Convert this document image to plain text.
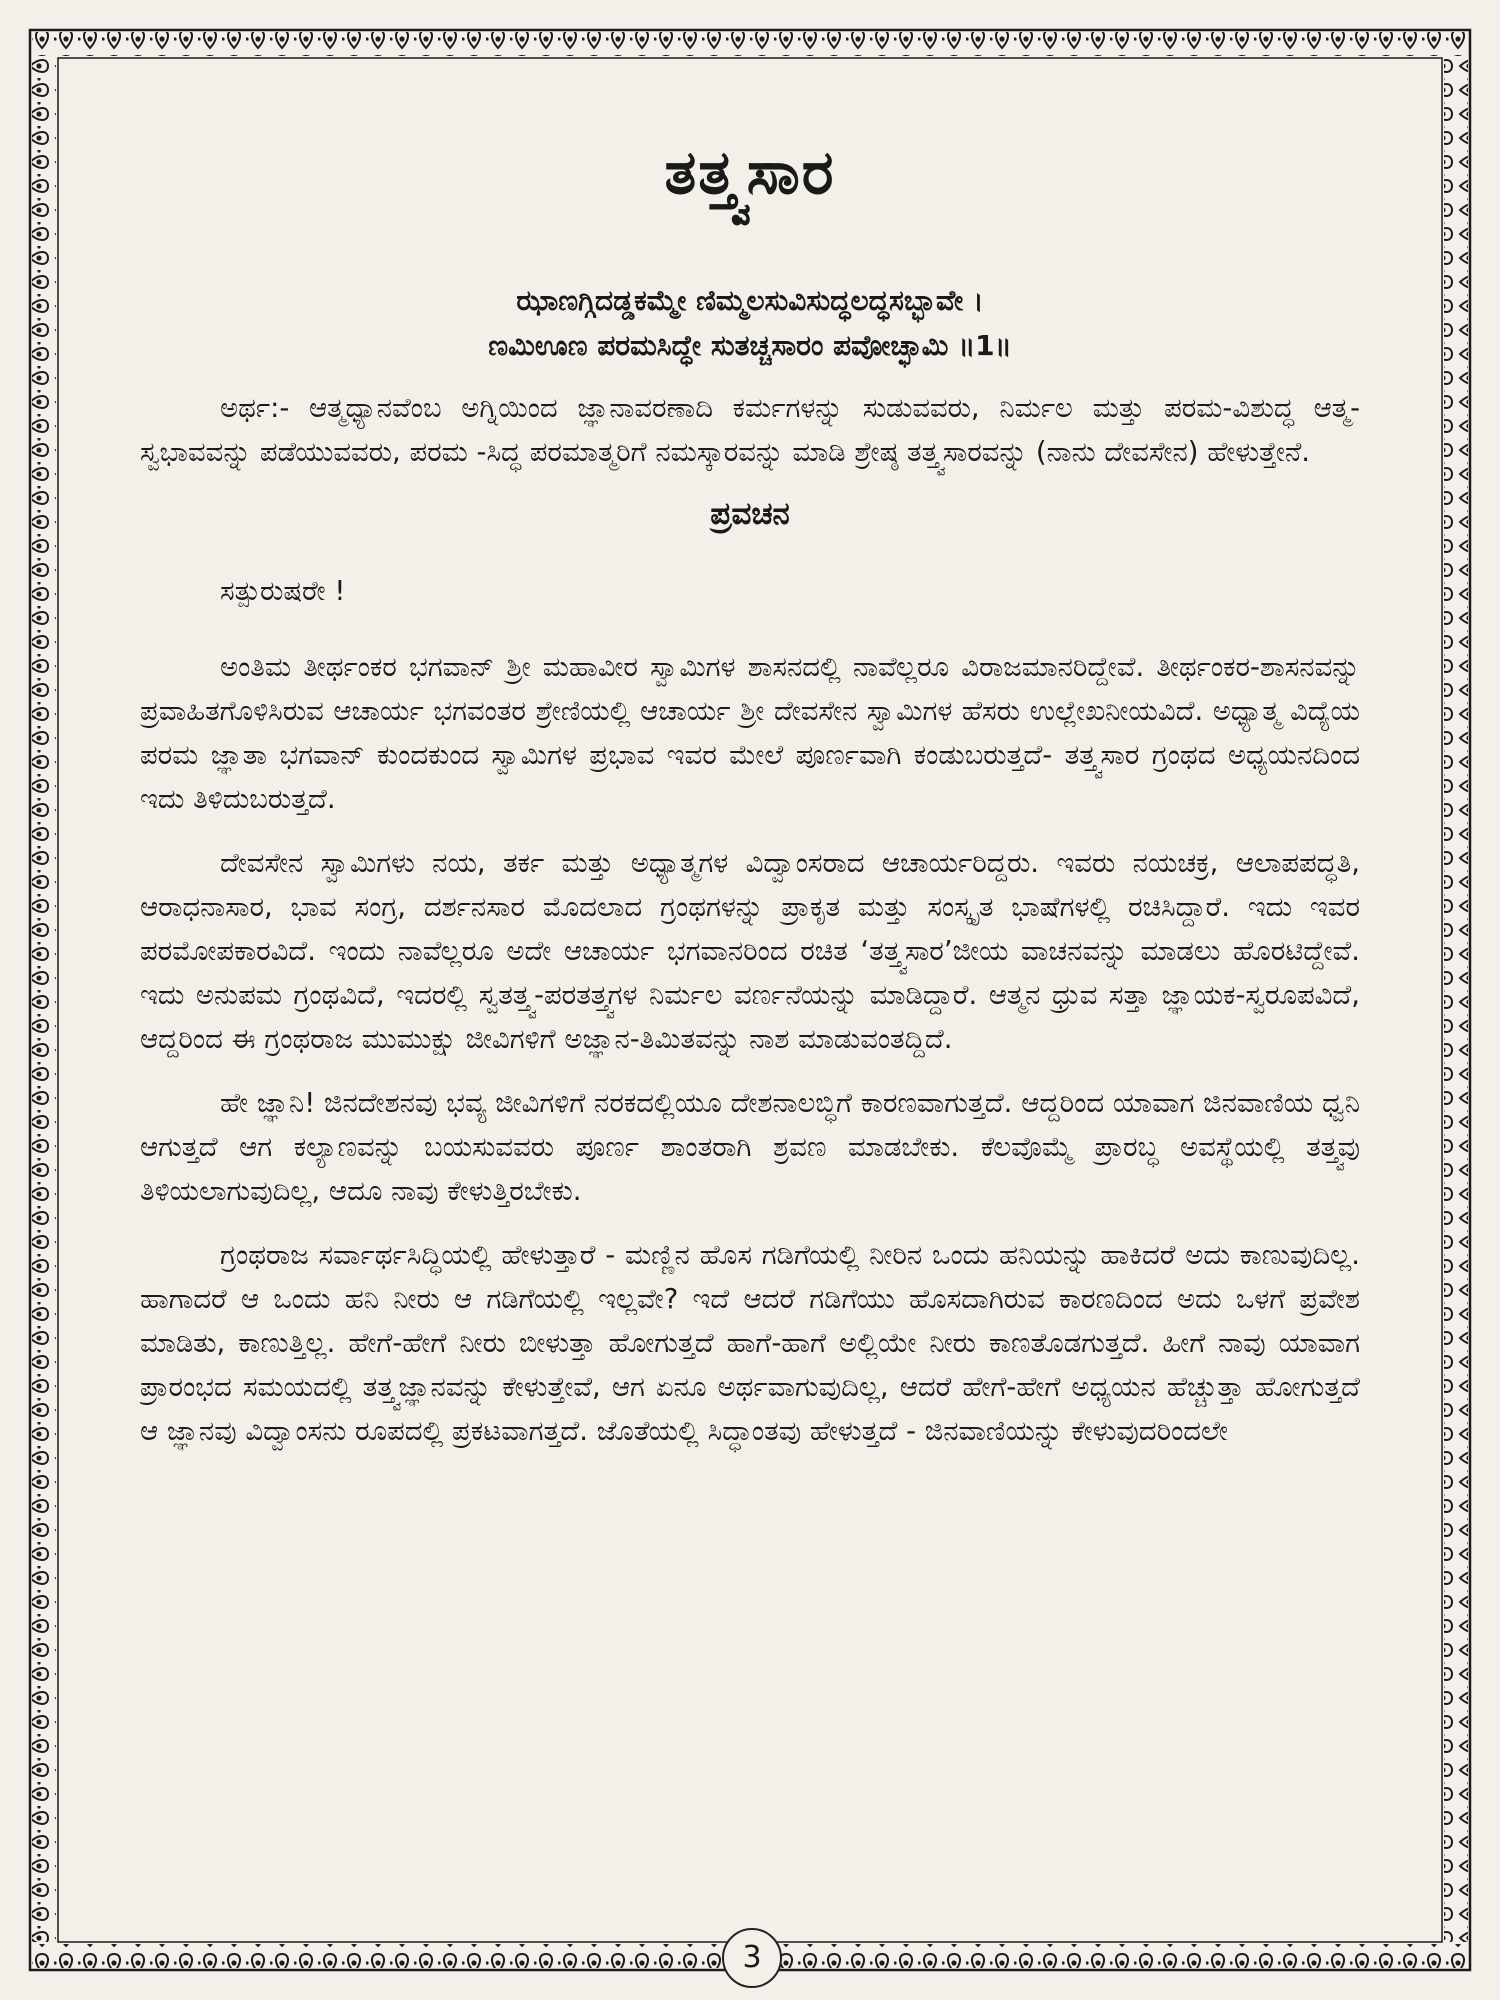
ತತ್ತ್ವಸಾರ
ಝಾಣಗ್ಗಿದಡ್ಡಕಮ್ಮೇ ಣಿಮ್ಮಲಸುವಿಸುದ್ಧಲದ್ಧಸಬ್ಭಾವೇ ।
ಣಮಿಊಣ ಪರಮಸಿದ್ಧೇ ಸುತಚ್ಚಸಾರಂ ಪವೋಚ್ಛಾಮಿ ॥1॥

ಅರ್ಥ:- ಆತ್ಮಧ್ಯಾನವೆಂಬ ಅಗ್ನಿಯಿಂದ ಜ್ಞಾನಾವರಣಾದಿ ಕರ್ಮಗಳನ್ನು ಸುಡುವವರು, ನಿರ್ಮಲ ಮತ್ತು ಪರಮ-ವಿಶುದ್ಧ ಆತ್ಮ-ಸ್ವಭಾವವನ್ನು ಪಡೆಯುವವರು, ಪರಮ -ಸಿದ್ಧ ಪರಮಾತ್ಮರಿಗೆ ನಮಸ್ಕಾರವನ್ನು ಮಾಡಿ ಶ್ರೇಷ್ಠ ತತ್ತ್ವಸಾರವನ್ನು (ನಾನು ದೇವಸೇನ) ಹೇಳುತ್ತೇನೆ.

ಪ್ರವಚನ

ಸತ್ಪುರುಷರೇ !

ಅಂತಿಮ ತೀರ್ಥಂಕರ ಭಗವಾನ್ ಶ್ರೀ ಮಹಾವೀರ ಸ್ವಾಮಿಗಳ ಶಾಸನದಲ್ಲಿ ನಾವೆಲ್ಲರೂ ವಿರಾಜಮಾನರಿದ್ದೇವೆ. ತೀರ್ಥಂಕರ-ಶಾಸನವನ್ನು ಪ್ರವಾಹಿತಗೊಳಿಸಿರುವ ಆಚಾರ್ಯ ಭಗವಂತರ ಶ್ರೇಣಿಯಲ್ಲಿ ಆಚಾರ್ಯ ಶ್ರೀ ದೇವಸೇನ ಸ್ವಾಮಿಗಳ ಹೆಸರು ಉಲ್ಲೇಖನೀಯವಿದೆ. ಅಧ್ಯಾತ್ಮ ವಿದ್ಯೆಯ ಪರಮ ಜ್ಞಾತಾ ಭಗವಾನ್ ಕುಂದಕುಂದ ಸ್ವಾಮಿಗಳ ಪ್ರಭಾವ ಇವರ ಮೇಲೆ ಪೂರ್ಣವಾಗಿ ಕಂಡುಬರುತ್ತದೆ- ತತ್ತ್ವಸಾರ ಗ್ರಂಥದ ಅಧ್ಯಯನದಿಂದ ಇದು ತಿಳಿದುಬರುತ್ತದೆ.

ದೇವಸೇನ ಸ್ವಾಮಿಗಳು ನಯ, ತರ್ಕ ಮತ್ತು ಅಧ್ಯಾತ್ಮಗಳ ವಿದ್ವಾಂಸರಾದ ಆಚಾರ್ಯರಿದ್ದರು. ಇವರು ನಯಚಕ್ರ, ಆಲಾಪಪದ್ಧತಿ, ಆರಾಧನಾಸಾರ, ಭಾವ ಸಂಗ್ರ, ದರ್ಶನಸಾರ ಮೊದಲಾದ ಗ್ರಂಥಗಳನ್ನು ಪ್ರಾಕೃತ ಮತ್ತು ಸಂಸ್ಕೃತ ಭಾಷೆಗಳಲ್ಲಿ ರಚಿಸಿದ್ದಾರೆ. ಇದು ಇವರ ಪರಮೋಪಕಾರವಿದೆ. ಇಂದು ನಾವೆಲ್ಲರೂ ಅದೇ ಆಚಾರ್ಯ ಭಗವಾನರಿಂದ ರಚಿತ ‘ತತ್ತ್ವಸಾರ’ಜೀಯ ವಾಚನವನ್ನು ಮಾಡಲು ಹೊರಟಿದ್ದೇವೆ. ಇದು ಅನುಪಮ ಗ್ರಂಥವಿದೆ, ಇದರಲ್ಲಿ ಸ್ವತತ್ತ್ವ-ಪರತತ್ತ್ವಗಳ ನಿರ್ಮಲ ವರ್ಣನೆಯನ್ನು ಮಾಡಿದ್ದಾರೆ. ಆತ್ಮನ ಧ್ರುವ ಸತ್ತಾ ಜ್ಞಾಯಕ-ಸ್ವರೂಪವಿದೆ, ಆದ್ದರಿಂದ ಈ ಗ್ರಂಥರಾಜ ಮುಮುಕ್ಷು ಜೀವಿಗಳಿಗೆ ಅಜ್ಞಾನ-ತಿಮಿತವನ್ನು ನಾಶ ಮಾಡುವಂತದ್ದಿದೆ.

ಹೇ ಜ್ಞಾನಿ! ಜಿನದೇಶನವು ಭವ್ಯ ಜೀವಿಗಳಿಗೆ ನರಕದಲ್ಲಿಯೂ ದೇಶನಾಲಬ್ಧಿಗೆ ಕಾರಣವಾಗುತ್ತದೆ. ಆದ್ದರಿಂದ ಯಾವಾಗ ಜಿನವಾಣಿಯ ಧ್ವನಿ ಆಗುತ್ತದೆ ಆಗ ಕಲ್ಯಾಣವನ್ನು ಬಯಸುವವರು ಪೂರ್ಣ ಶಾಂತರಾಗಿ ಶ್ರವಣ ಮಾಡಬೇಕು. ಕೆಲವೊಮ್ಮೆ ಪ್ರಾರಬ್ಧ ಅವಸ್ಥೆಯಲ್ಲಿ ತತ್ತ್ವವು ತಿಳಿಯಲಾಗುವುದಿಲ್ಲ, ಆದೂ ನಾವು ಕೇಳುತ್ತಿರಬೇಕು.

ಗ್ರಂಥರಾಜ ಸರ್ವಾರ್ಥಸಿದ್ಧಿಯಲ್ಲಿ ಹೇಳುತ್ತಾರೆ - ಮಣ್ಣಿನ ಹೊಸ ಗಡಿಗೆಯಲ್ಲಿ ನೀರಿನ ಒಂದು ಹನಿಯನ್ನು ಹಾಕಿದರೆ ಅದು ಕಾಣುವುದಿಲ್ಲ. ಹಾಗಾದರೆ ಆ ಒಂದು ಹನಿ ನೀರು ಆ ಗಡಿಗೆಯಲ್ಲಿ ಇಲ್ಲವೇ? ಇದೆ ಆದರೆ ಗಡಿಗೆಯು ಹೊಸದಾಗಿರುವ ಕಾರಣದಿಂದ ಅದು ಒಳಗೆ ಪ್ರವೇಶ ಮಾಡಿತು, ಕಾಣುತ್ತಿಲ್ಲ. ಹೇಗೆ-ಹೇಗೆ ನೀರು ಬೀಳುತ್ತಾ ಹೋಗುತ್ತದೆ ಹಾಗೆ-ಹಾಗೆ ಅಲ್ಲಿಯೇ ನೀರು ಕಾಣತೊಡಗುತ್ತದೆ. ಹೀಗೆ ನಾವು ಯಾವಾಗ ಪ್ರಾರಂಭದ ಸಮಯದಲ್ಲಿ ತತ್ತ್ವಜ್ಞಾನವನ್ನು ಕೇಳುತ್ತೇವೆ, ಆಗ ಏನೂ ಅರ್ಥವಾಗುವುದಿಲ್ಲ, ಆದರೆ ಹೇಗೆ-ಹೇಗೆ ಅಧ್ಯಯನ ಹೆಚ್ಚುತ್ತಾ ಹೋಗುತ್ತದೆ ಆ ಜ್ಞಾನವು ವಿದ್ವಾಂಸನು ರೂಪದಲ್ಲಿ ಪ್ರಕಟವಾಗತ್ತದೆ. ಜೊತೆಯಲ್ಲಿ ಸಿದ್ಧಾಂತವು ಹೇಳುತ್ತದೆ - ಜಿನವಾಣಿಯನ್ನು ಕೇಳುವುದರಿಂದಲೇ

3
